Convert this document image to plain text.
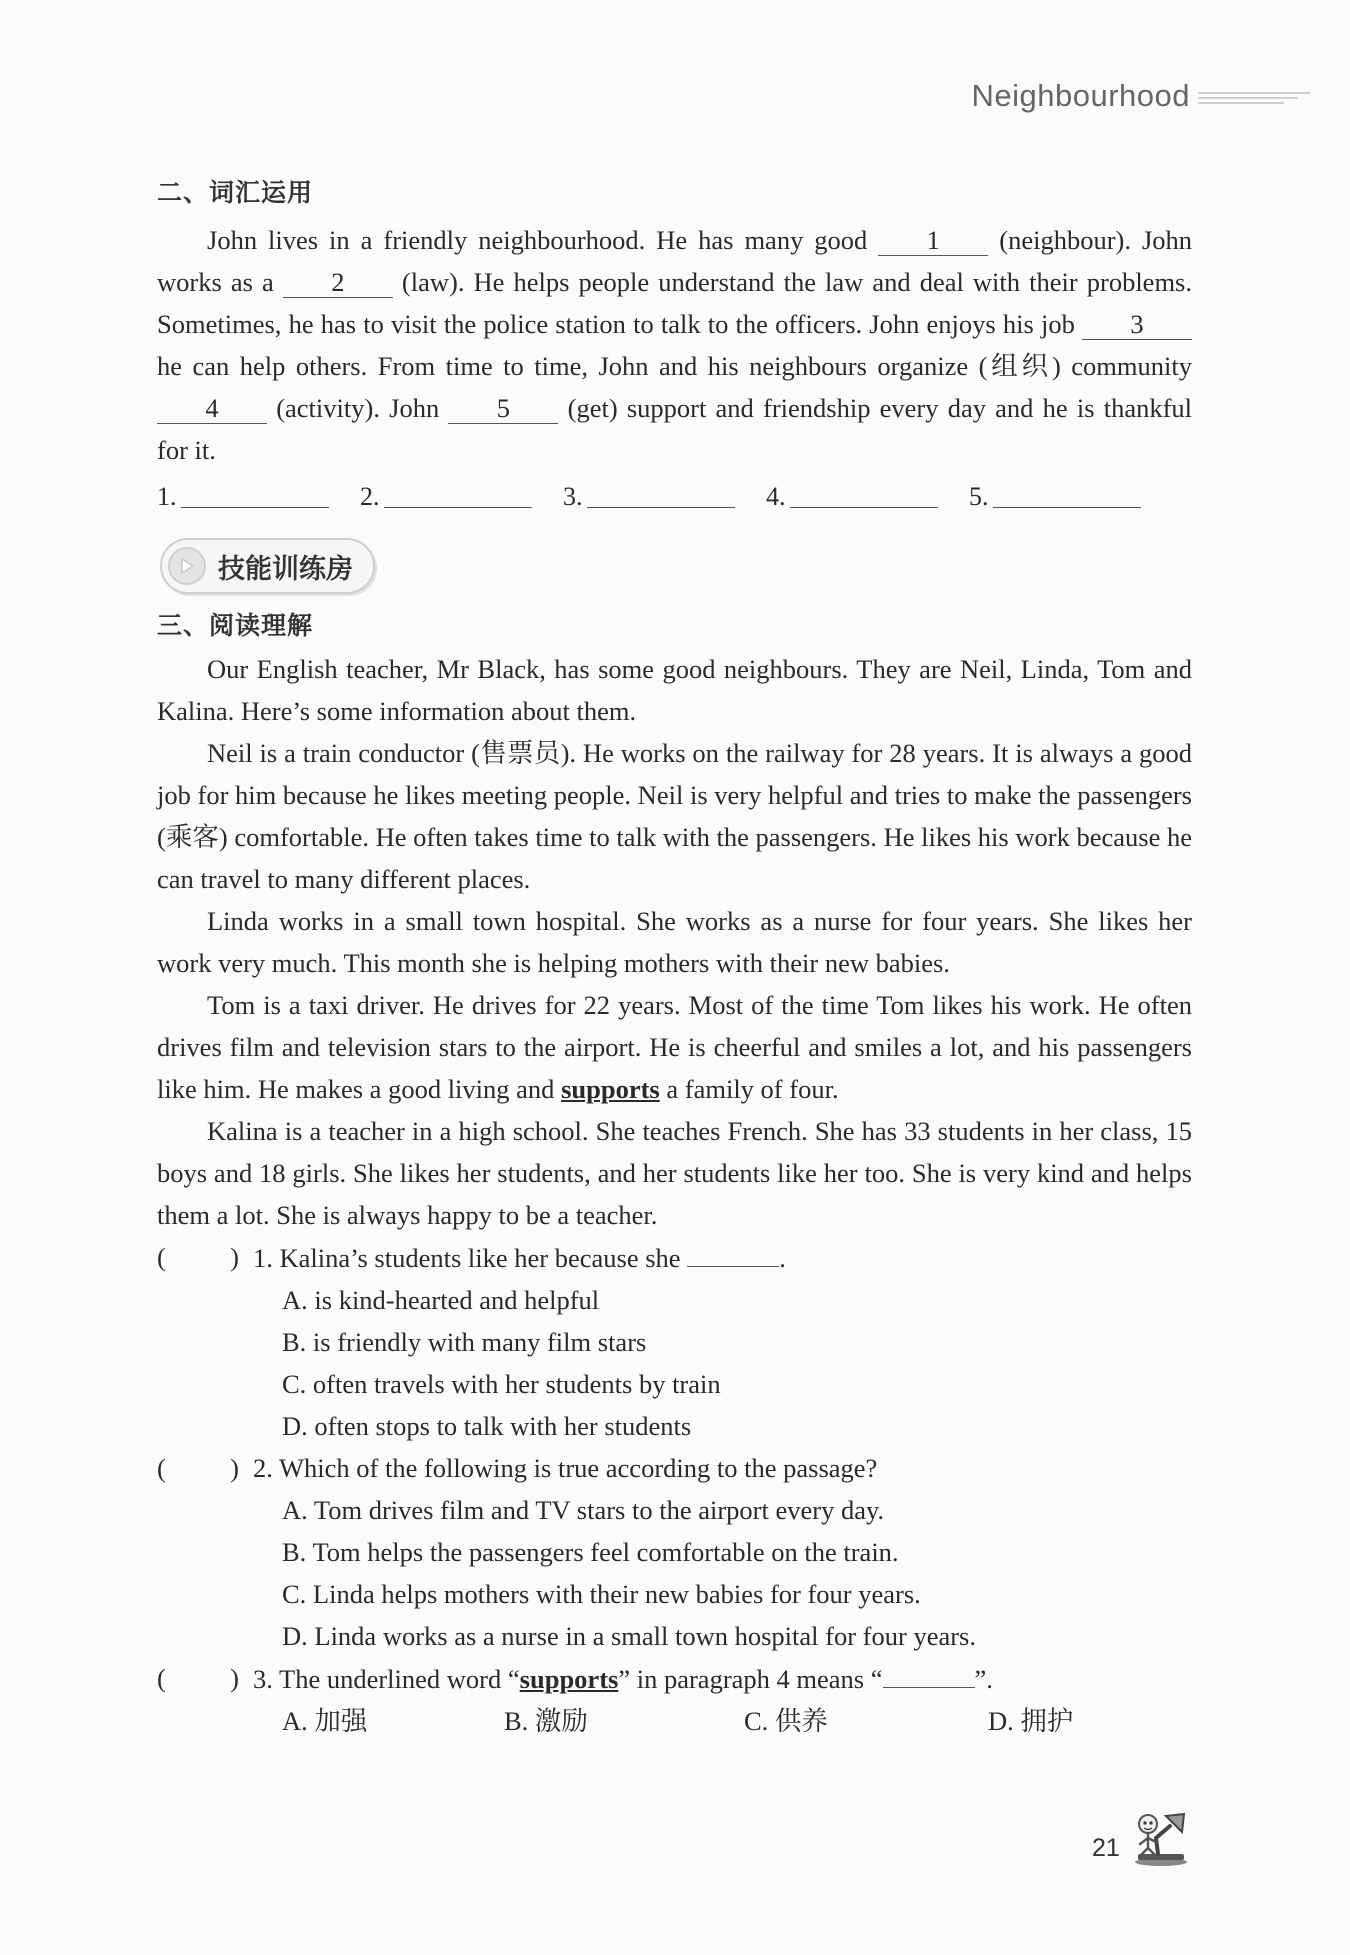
Neighbourhood
二、词汇运用

John lives in a friendly neighbourhood. He has many good 1 (neighbour). John works as a 2 (law). He helps people understand the law and deal with their problems. Sometimes, he has to visit the police station to talk to the officers. John enjoys his job 3 he can help others. From time to time, John and his neighbours organize (组织) community 4 (activity). John 5 (get) support and friendship every day and he is thankful for it.

1.	2.	3.	4.	5.
技能训练房
三、阅读理解

Our English teacher, Mr Black, has some good neighbours. They are Neil, Linda, Tom and Kalina. Here’s some information about them.

Neil is a train conductor (售票员). He works on the railway for 28 years. It is always a good job for him because he likes meeting people. Neil is very helpful and tries to make the passengers (乘客) comfortable. He often takes time to talk with the passengers. He likes his work because he can travel to many different places.

Linda works in a small town hospital. She works as a nurse for four years. She likes her work very much. This month she is helping mothers with their new babies.

Tom is a taxi driver. He drives for 22 years. Most of the time Tom likes his work. He often drives film and television stars to the airport. He is cheerful and smiles a lot, and his passengers like him. He makes a good living and supports a family of four.

Kalina is a teacher in a high school. She teaches French. She has 33 students in her class, 15 boys and 18 girls. She likes her students, and her students like her too. She is very kind and helps them a lot. She is always happy to be a teacher.

( ) 1. Kalina’s students like her because she	.
A. is kind-hearted and helpful
B. is friendly with many film stars
C. often travels with her students by train
D. often stops to talk with her students
( ) 2. Which of the following is true according to the passage?
A. Tom drives film and TV stars to the airport every day.
B. Tom helps the passengers feel comfortable on the train.
C. Linda helps mothers with their new babies for four years.
D. Linda works as a nurse in a small town hospital for four years.
( ) 3. The underlined word “supports” in paragraph 4 means “	”.
A. 加强	B. 激励	C. 供养	D. 拥护
21
